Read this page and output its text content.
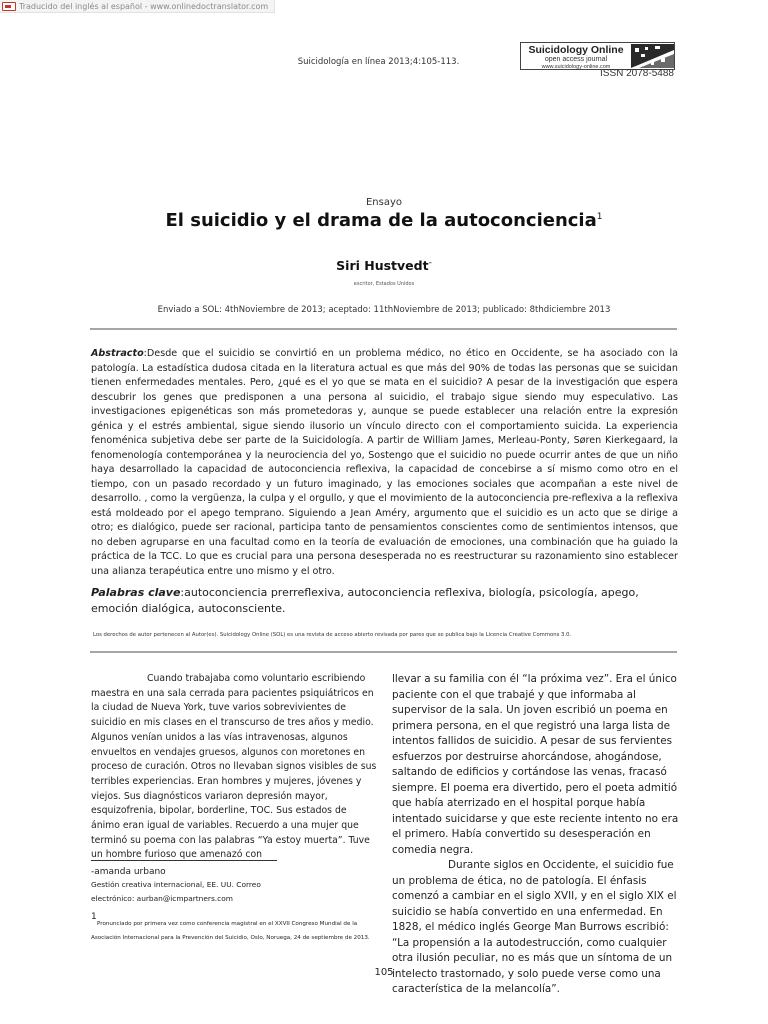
Traducido del inglés al español - www.onlinedoctranslator.com
Suicidología en línea 2013;4:105-113.
Suicidology Online
open access journal
www.suicidology-online.com
ISSN 2078-5488
Ensayo
El suicidio y el drama de la autoconciencia$^1$
Siri Hustvedt-
escritor, Estados Unidos
Enviado a SOL: 4thNoviembre de 2013; aceptado: 11thNoviembre de 2013; publicado: 8thdiciembre 2013
Abstracto:Desde que el suicidio se convirtió en un problema médico, no ético en Occidente, se ha asociado con la patología. La estadística dudosa citada en la literatura actual es que más del 90% de todas las personas que se suicidan tienen enfermedades mentales. Pero, ¿qué es el yo que se mata en el suicidio? A pesar de la investigación que espera descubrir los genes que predisponen a una persona al suicidio, el trabajo sigue siendo muy especulativo. Las investigaciones epigenéticas son más prometedoras y, aunque se puede establecer una relación entre la expresión génica y el estrés ambiental, sigue siendo ilusorio un vínculo directo con el comportamiento suicida. La experiencia fenoménica subjetiva debe ser parte de la Suicidología. A partir de William James, Merleau-Ponty, Søren Kierkegaard, la fenomenología contemporánea y la neurociencia del yo, Sostengo que el suicidio no puede ocurrir antes de que un niño haya desarrollado la capacidad de autoconciencia reflexiva, la capacidad de concebirse a sí mismo como otro en el tiempo, con un pasado recordado y un futuro imaginado, y las emociones sociales que acompañan a este nivel de desarrollo. , como la vergüenza, la culpa y el orgullo, y que el movimiento de la autoconciencia pre-reflexiva a la reflexiva está moldeado por el apego temprano. Siguiendo a Jean Améry, argumento que el suicidio es un acto que se dirige a otro; es dialógico, puede ser racional, participa tanto de pensamientos conscientes como de sentimientos intensos, que no deben agruparse en una facultad como en la teoría de evaluación de emociones, una combinación que ha guiado la práctica de la TCC. Lo que es crucial para una persona desesperada no es reestructurar su razonamiento sino establecer una alianza terapéutica entre uno mismo y el otro.
Palabras clave:autoconciencia prerreflexiva, autoconciencia reflexiva, biología, psicología, apego, emoción dialógica, autoconsciente.
Los derechos de autor pertenecen al Autor(es). Suicidology Online (SOL) es una revista de acceso abierto revisada por pares que se publica bajo la Licencia Creative Commons 3.0.
Cuando trabajaba como voluntario escribiendo maestra en una sala cerrada para pacientes psiquiátricos en la ciudad de Nueva York, tuve varios sobrevivientes de suicidio en mis clases en el transcurso de tres años y medio. Algunos venían unidos a las vías intravenosas, algunos envueltos en vendajes gruesos, algunos con moretones en proceso de curación. Otros no llevaban signos visibles de sus terribles experiencias. Eran hombres y mujeres, jóvenes y viejos. Sus diagnósticos variaron depresión mayor, esquizofrenia, bipolar, borderline, TOC. Sus estados de ánimo eran igual de variables. Recuerdo a una mujer que terminó su poema con las palabras “Ya estoy muerta”. Tuve un hombre furioso que amenazó con
-amanda urbano
Gestión creativa internacional, EE. UU. Correo
electrónico: aurban@icmpartners.com
1
Pronunciado por primera vez como conferencia magistral en el XXVII Congreso Mundial de la Asociación Internacional para la Prevención del Suicidio, Oslo, Noruega, 24 de septiembre de 2013.
llevar a su familia con él “la próxima vez”. Era el único paciente con el que trabajé y que informaba al supervisor de la sala. Un joven escribió un poema en primera persona, en el que registró una larga lista de intentos fallidos de suicidio. A pesar de sus fervientes esfuerzos por destruirse ahorcándose, ahogándose, saltando de edificios y cortándose las venas, fracasó siempre. El poema era divertido, pero el poeta admitió que había aterrizado en el hospital porque había intentado suicidarse y que este reciente intento no era el primero. Había convertido su desesperación en comedia negra.
Durante siglos en Occidente, el suicidio fue un problema de ética, no de patología. El énfasis comenzó a cambiar en el siglo XVII, y en el siglo XIX el suicidio se había convertido en una enfermedad. En 1828, el médico inglés George Man Burrows escribió: “La propensión a la autodestrucción, como cualquier otra ilusión peculiar, no es más que un síntoma de un intelecto trastornado, y solo puede verse como una característica de la melancolía”.
105
